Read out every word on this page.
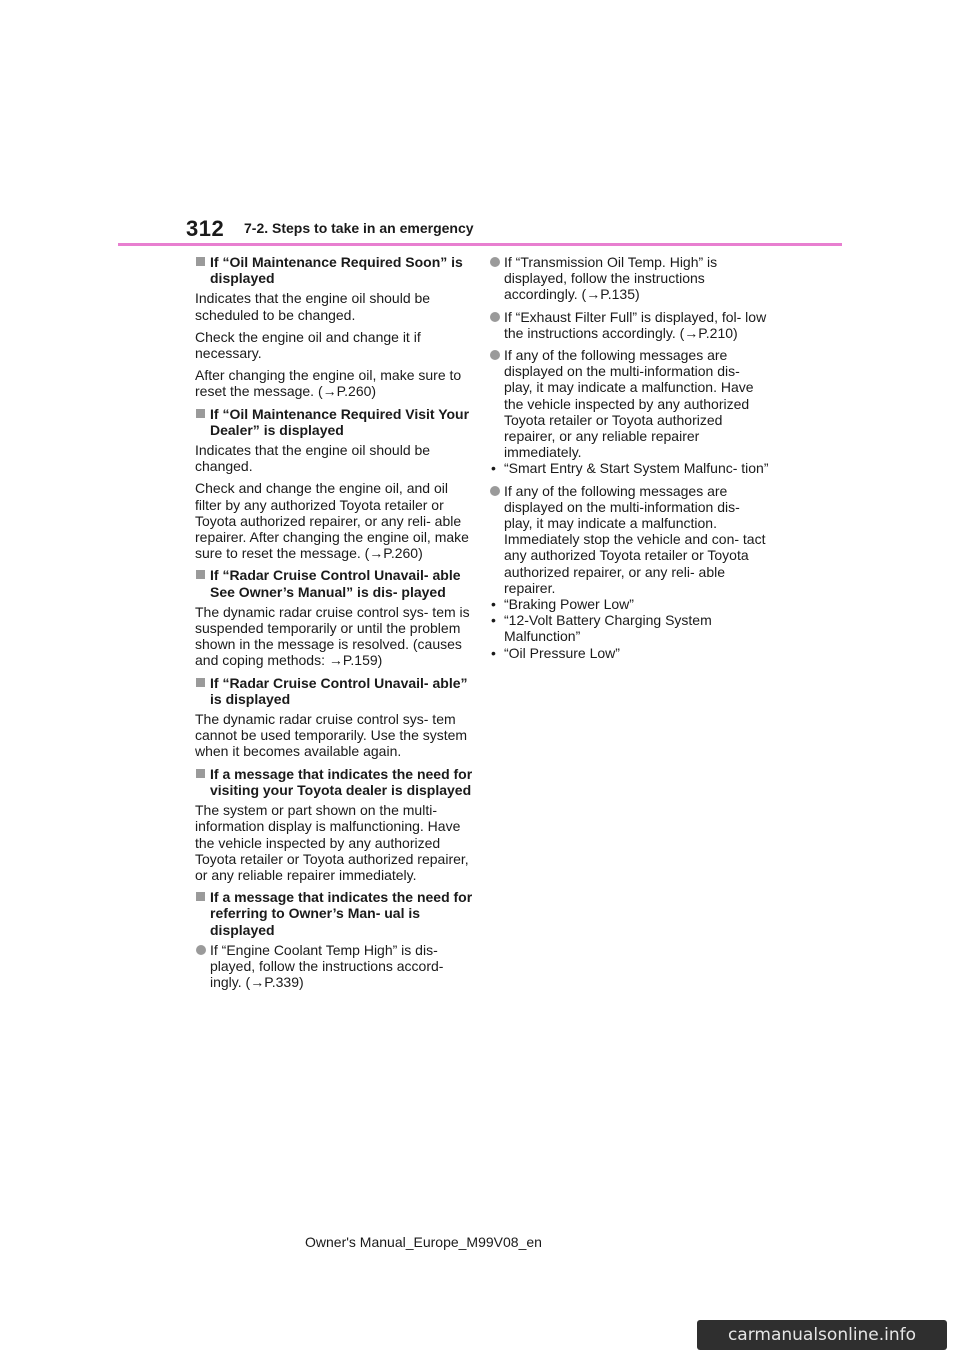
312 7-2. Steps to take in an emergency
If “Oil Maintenance Required Soon” is displayed

Indicates that the engine oil should be scheduled to be changed.

Check the engine oil and change it if necessary.

After changing the engine oil, make sure to reset the message. (→P.260)

If “Oil Maintenance Required Visit Your Dealer” is displayed

Indicates that the engine oil should be changed.

Check and change the engine oil, and oil filter by any authorized Toyota retailer or Toyota authorized repairer, or any reli- able repairer. After changing the engine oil, make sure to reset the message. (→P.260)

If “Radar Cruise Control Unavail- able See Owner’s Manual” is dis- played

The dynamic radar cruise control sys- tem is suspended temporarily or until the problem shown in the message is resolved. (causes and coping methods: →P.159)

If “Radar Cruise Control Unavail- able” is displayed

The dynamic radar cruise control sys- tem cannot be used temporarily. Use the system when it becomes available again.

If a message that indicates the need for visiting your Toyota dealer is displayed

The system or part shown on the multi- information display is malfunctioning. Have the vehicle inspected by any authorized Toyota retailer or Toyota authorized repairer, or any reliable repairer immediately.

If a message that indicates the need for referring to Owner’s Man- ual is displayed
If “Engine Coolant Temp High” is dis- played, follow the instructions accord- ingly. (→P.339)
If “Transmission Oil Temp. High” is displayed, follow the instructions accordingly. (→P.135)
If “Exhaust Filter Full” is displayed, fol- low the instructions accordingly. (→P.210)
If any of the following messages are displayed on the multi-information dis- play, it may indicate a malfunction. Have the vehicle inspected by any authorized Toyota retailer or Toyota authorized repairer, or any reliable repairer immediately.
• “Smart Entry & Start System Malfunc- tion”
If any of the following messages are displayed on the multi-information dis- play, it may indicate a malfunction. Immediately stop the vehicle and con- tact any authorized Toyota retailer or Toyota authorized repairer, or any reli- able repairer.
• “Braking Power Low”
• “12-Volt Battery Charging System Malfunction”
• “Oil Pressure Low”
Owner's Manual_Europe_M99V08_en
carmanualsonline.info
